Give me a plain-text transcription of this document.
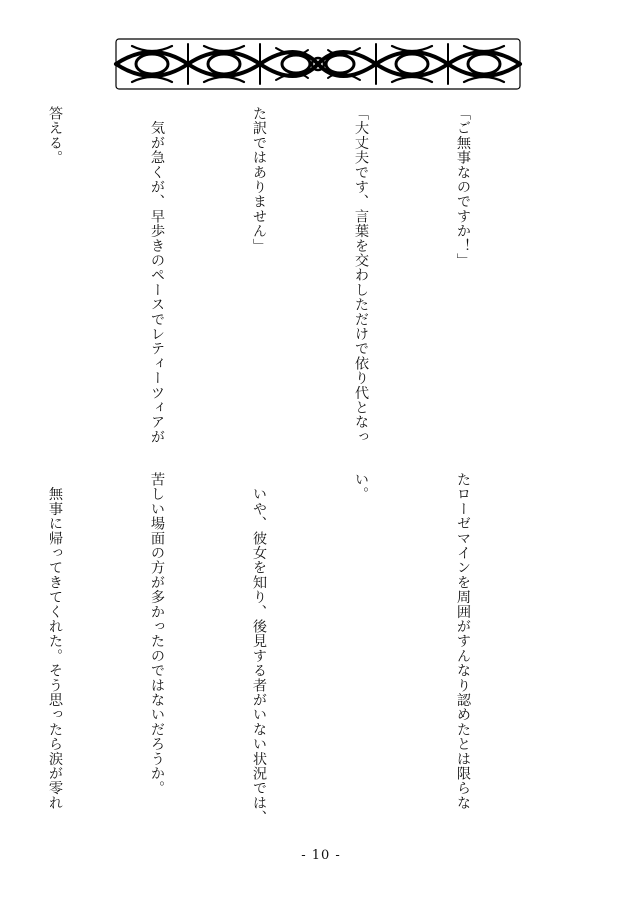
「ご無事なのですか！」

「大丈夫です、言葉を交わしただけで依り代となっ

た訳ではありません」

　気が急くが、早歩きのペースでレティーツィアが

答える。

たローゼマインを周囲がすんなり認めたとは限らな

い。

　いや、彼女を知り、後見する者がいない状況では、

苦しい場面の方が多かったのではないだろうか。

　無事に帰ってきてくれた。そう思ったら涙が零れ

- 10 -
